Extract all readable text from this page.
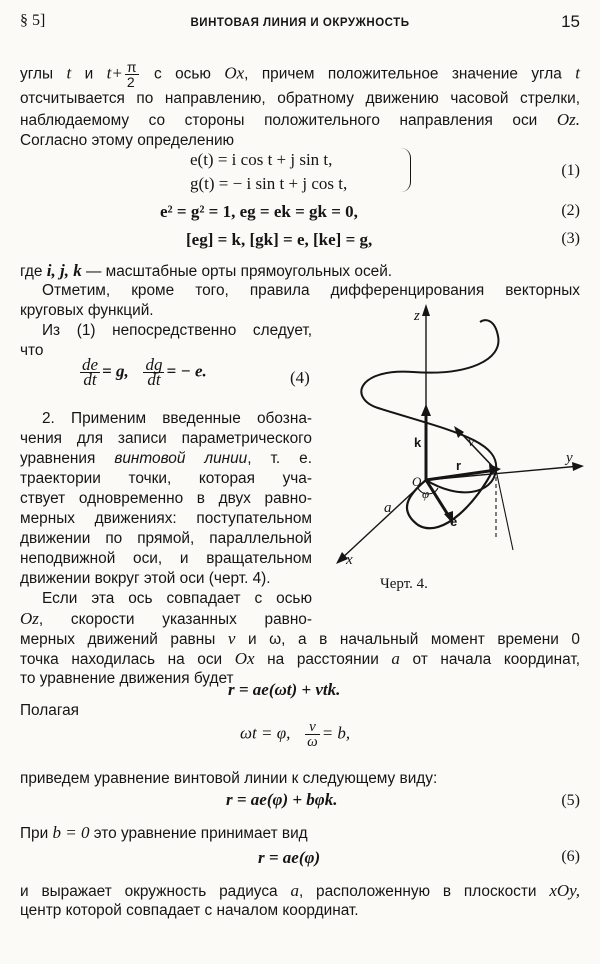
§ 5]	ВИНТОВАЯ ЛИНИЯ И ОКРУЖНОСТЬ	15
углы t и $t+ \frac{\pi}{2}$ с осью Ox, причем положительное значение угла t
отсчитывается по направлению, обратному движению часовой стрелки,
наблюдаемому со стороны положительного направления оси Oz.
Согласно этому определению
e(t) = i cos t + j sin t,
g(t) = − i sin t + j cos t,
(1)
e² = g² = 1, eg = ek = gk = 0,	(2)
[eg] = k, [gk] = e, [ke] = g,	(3)
где i, j, k — масштабные орты прямоугольных осей.
Отметим, кроме того, правила дифференцирования векторных
круговых функций.
Из (1) непосредственно следует,
что
$\frac{de}{dt} = g$, $\frac{dg}{dt}$ = − e.	(4)
2. Применим введенные обозна-
чения для записи параметрического
уравнения винтовой линии, т. е.
траектории точки, которая уча-
ствует одновременно в двух равно-
мерных движениях: поступательном
движении по прямой, параллельной
неподвижной оси, и вращательном
движении вокруг этой оси (черт. 4).
Если эта ось совпадает с осью
Oz, скорости указанных равно-
мерных движений равны v и ω, а в начальный момент времени 0
точка находилась на оси Ox на расстоянии a от начала координат,
то уравнение движения будет
r = ae(ωt) + vtk.
Полагая
ωt = φ, $\frac{v}{\omega} = b$,
приведем уравнение винтовой линии к следующему виду:
r = ae(φ) + bφk.	(5)
При b = 0 это уравнение принимает вид
r = ae(φ)	(6)
и выражает окружность радиуса a, расположенную в плоскости xOy,
центр которой совпадает с началом координат.
z
y
x
O
k	ν
r
e
a
φ
Черт. 4.
